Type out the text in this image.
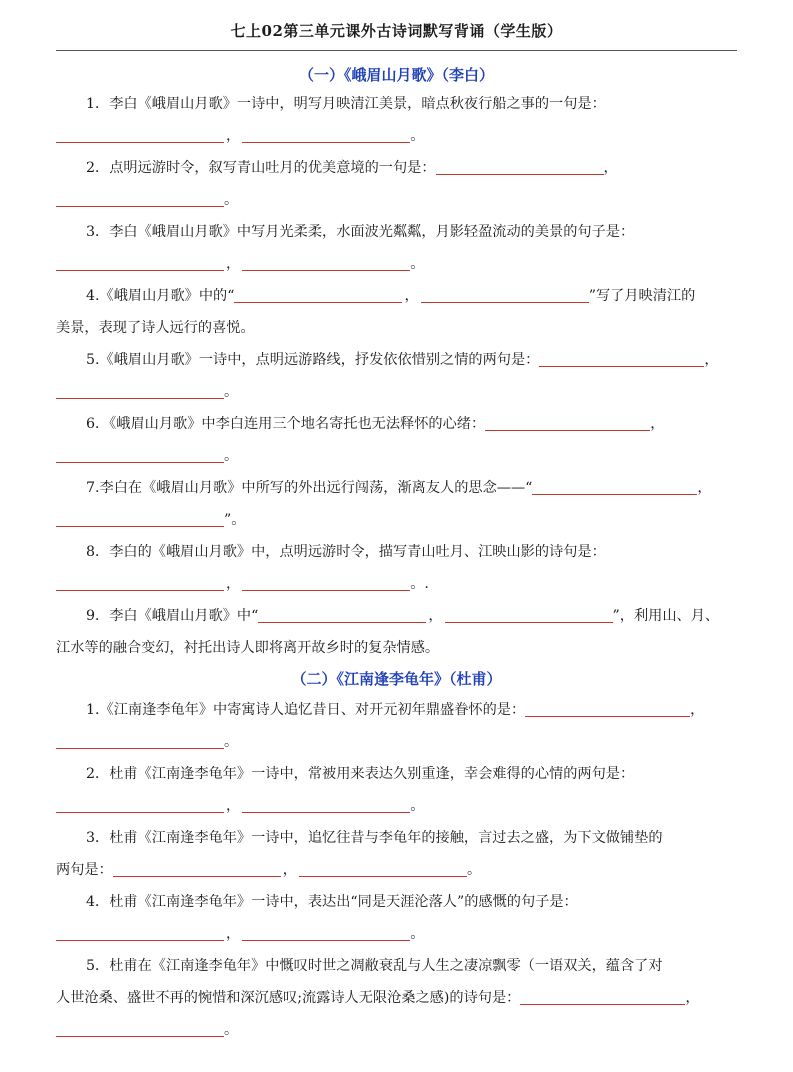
七上02第三单元课外古诗词默写背诵（学生版）
（一）《峨眉山月歌》（李白）
1．李白《峨眉山月歌》一诗中，明写月映清江美景，暗点秋夜行船之事的一句是：
，	。
2．点明远游时令，叙写青山吐月的优美意境的一句是：	，
。
3．李白《峨眉山月歌》中写月光柔柔，水面波光粼粼，月影轻盈流动的美景的句子是：
，	。
4.《峨眉山月歌》中的“	，	”写了月映清江的
美景，表现了诗人远行的喜悦。
5.《峨眉山月歌》一诗中，点明远游路线，抒发依依惜别之情的两句是：	，
。
6．《峨眉山月歌》中李白连用三个地名寄托也无法释怀的心绪：	，
。
7.李白在《峨眉山月歌》中所写的外出远行闯荡，渐离友人的思念——“	，
”。
8．李白的《峨眉山月歌》中，点明远游时令，描写青山吐月、江映山影的诗句是：
，	。.
9．李白《峨眉山月歌》中“	，	”，利用山、月、
江水等的融合变幻，衬托出诗人即将离开故乡时的复杂情感。
（二）《江南逢李龟年》（杜甫）
1.《江南逢李龟年》中寄寓诗人追忆昔日、对开元初年鼎盛眷怀的是：	，
。
2．杜甫《江南逢李龟年》一诗中，常被用来表达久别重逢，幸会难得的心情的两句是：
，	。
3．杜甫《江南逢李龟年》一诗中，追忆往昔与李龟年的接触，言过去之盛，为下文做铺垫的
两句是：	，	。
4．杜甫《江南逢李龟年》一诗中，表达出“同是天涯沦落人”的感慨的句子是：
，	。
5．杜甫在《江南逢李龟年》中慨叹时世之凋敝衰乱与人生之凄凉飘零（一语双关，蕴含了对
人世沧桑、盛世不再的惋惜和深沉感叹;流露诗人无限沧桑之感)的诗句是：	，
。
